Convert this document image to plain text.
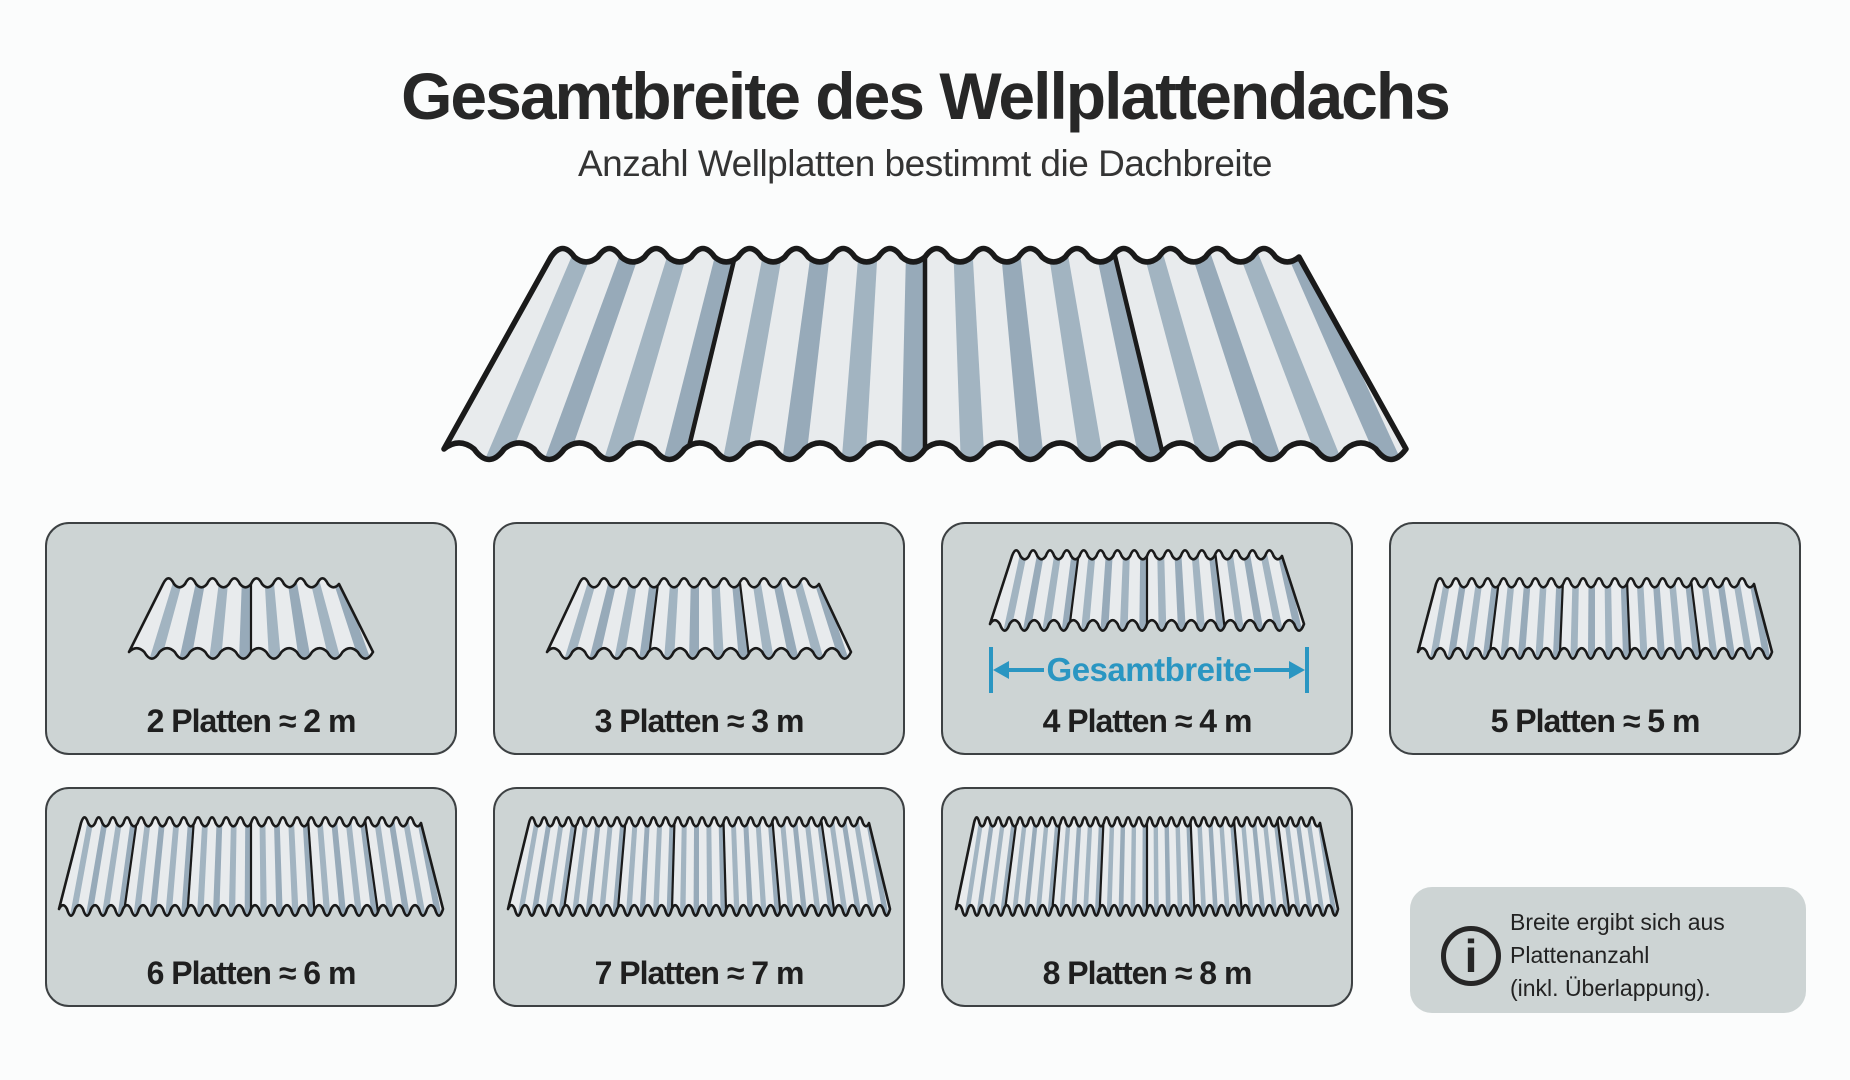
Gesamtbreite des Wellplattendachs
Anzahl Wellplatten bestimmt die Dachbreite
2 Platten ≈ 2 m	3 Platten ≈ 3 m
Gesamtbreite
4 Platten ≈ 4 m	5 Platten ≈ 5 m
6 Platten ≈ 6 m	7 Platten ≈ 7 m	8 Platten ≈ 8 m	i
Breite ergibt sich aus
Plattenanzahl
(inkl. Überlappung).
